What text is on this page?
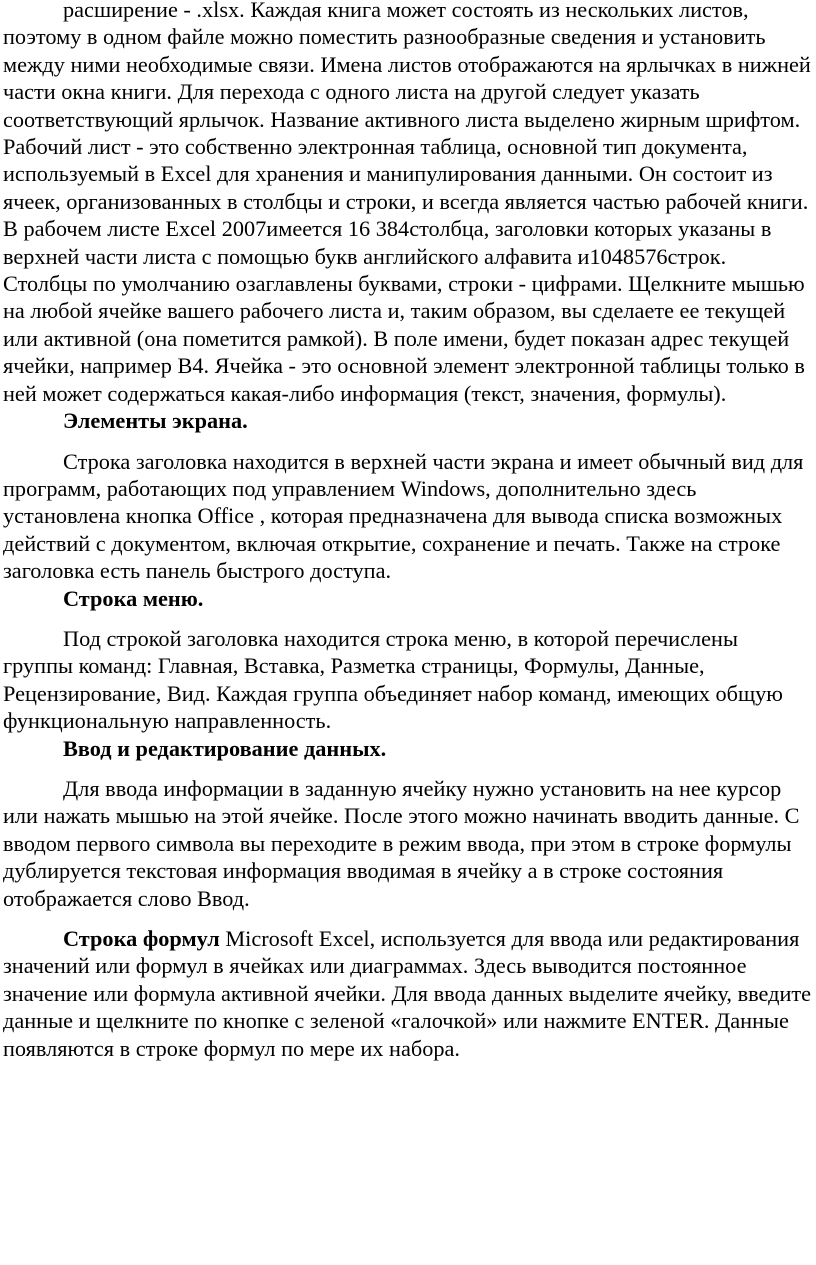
расширение - .xlsx. Каждая книга может состоять из нескольких листов, поэтому в одном файле можно поместить разнообразные сведения и установить между ними необходимые связи. Имена листов отображаются на ярлычках в нижней части окна книги. Для перехода с одного листа на другой следует указать соответствующий ярлычок. Название активного листа выделено жирным шрифтом. Рабочий лист - это собственно электронная таблица, основной тип документа, используемый в Excel для хранения и манипулирования данными. Он состоит из ячеек, организованных в столбцы и строки, и всегда является частью рабочей книги. В рабочем листе Excel 2007имеется 16 384столбца, заголовки которых указаны в верхней части листа с помощью букв английского алфавита и1048576строк. Столбцы по умолчанию озаглавлены буквами, строки - цифрами. Щелкните мышью на любой ячейке вашего рабочего листа и, таким образом, вы сделаете ее текущей или активной (она пометится рамкой). В поле имени, будет показан адрес текущей ячейки, например В4. Ячейка - это основной элемент электронной таблицы только в ней может содержаться какая-либо информация (текст, значения, формулы).

Элементы экрана.

Строка заголовка находится в верхней части экрана и имеет обычный вид для программ, работающих под управлением Windows, дополнительно здесь установлена кнопка Office , которая предназначена для вывода списка возможных действий с документом, включая открытие, сохранение и печать. Также на строке заголовка есть панель быстрого доступа.

Строка меню.

Под строкой заголовка находится строка меню, в которой перечислены группы команд: Главная, Вставка, Разметка страницы, Формулы, Данные, Рецензирование, Вид. Каждая группа объединяет набор команд, имеющих общую функциональную направленность.

Ввод и редактирование данных.

Для ввода информации в заданную ячейку нужно установить на нее курсор или нажать мышью на этой ячейке. После этого можно начинать вводить данные. С вводом первого символа вы переходите в режим ввода, при этом в строке формулы дублируется текстовая информация вводимая в ячейку а в строке состояния отображается слово Ввод.

Строка формул Microsoft Excel, используется для ввода или редактирования значений или формул в ячейках или диаграммах. Здесь выводится постоянное значение или формула активной ячейки. Для ввода данных выделите ячейку, введите данные и щелкните по кнопке с зеленой «галочкой» или нажмите ENTER. Данные появляются в строке формул по мере их набора.
